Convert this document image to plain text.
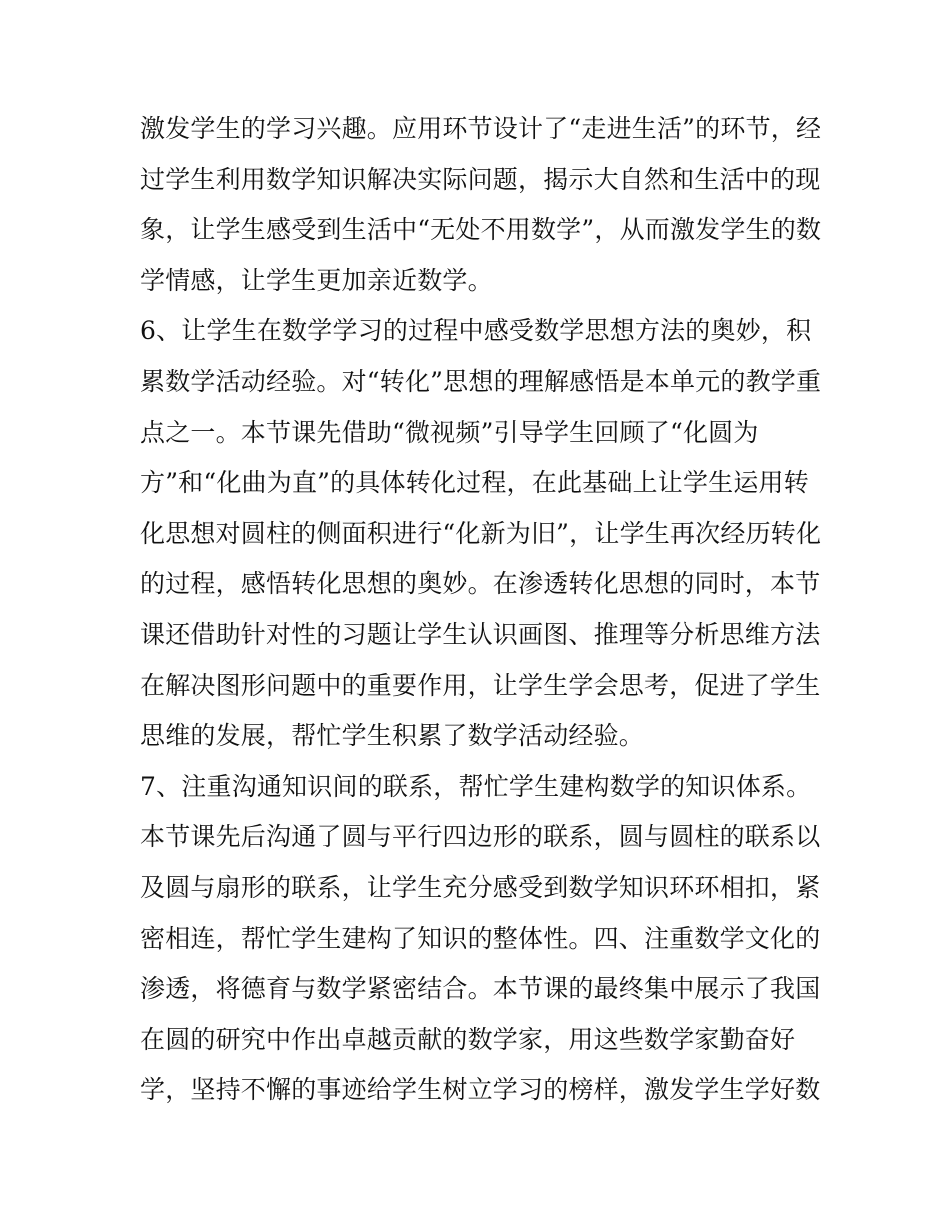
激发学生的学习兴趣。应用环节设计了“走进生活”的环节，经
过学生利用数学知识解决实际问题，揭示大自然和生活中的现
象，让学生感受到生活中“无处不用数学”，从而激发学生的数
学情感，让学生更加亲近数学。
6、让学生在数学学习的过程中感受数学思想方法的奥妙，积
累数学活动经验。对“转化”思想的理解感悟是本单元的教学重
点之一。本节课先借助“微视频”引导学生回顾了“化圆为
方”和“化曲为直”的具体转化过程，在此基础上让学生运用转
化思想对圆柱的侧面积进行“化新为旧”，让学生再次经历转化
的过程，感悟转化思想的奥妙。在渗透转化思想的同时，本节
课还借助针对性的习题让学生认识画图、推理等分析思维方法
在解决图形问题中的重要作用，让学生学会思考，促进了学生
思维的发展，帮忙学生积累了数学活动经验。
7、注重沟通知识间的联系，帮忙学生建构数学的知识体系。
本节课先后沟通了圆与平行四边形的联系，圆与圆柱的联系以
及圆与扇形的联系，让学生充分感受到数学知识环环相扣，紧
密相连，帮忙学生建构了知识的整体性。四、注重数学文化的
渗透，将德育与数学紧密结合。本节课的最终集中展示了我国
在圆的研究中作出卓越贡献的数学家，用这些数学家勤奋好
学，坚持不懈的事迹给学生树立学习的榜样，激发学生学好数
